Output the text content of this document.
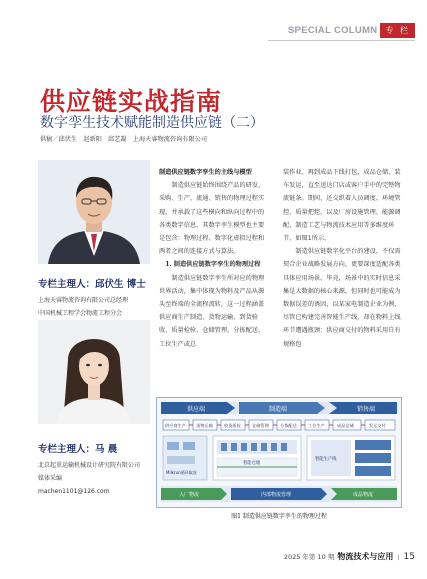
SPECIAL COLUMN	专 栏
供应链实战指南
数字孪生技术赋能制造供应链（二）
供稿／邱伏生　赵新阳　邱艺凝　上海天睿物流咨询有限公司
专栏主理人：邱伏生 博士
上海天睿物流咨询有限公司总经理
中国机械工程学会物流工程分会
专栏主理人：马 晨
北京起重运输机械设计研究院有限公司
媒体采编
machen1101@126.com

制造供应链数字孪生的主线与模型

制造供应链始终围绕产品的研发、采购、生产、流通、销售的物理过程实现，并承载了这些横向和纵向过程中的各类数字信息，其数字孪生模型也主要是包含：物理过程、数字化虚拟过程和两者之间的连接方式与算法。

1. 制造供应链数字孪生的物理过程

制造供应链数字孪生所对应的物理世界活动，集中体现为物料及产品从源头至终端的全流程流转，这一过程涵盖供应商生产制造、货物运输、到货验收、质量检验、仓储管理、分拣配送、工位生产或总

装作业、再到成品下线打包、成品仓储、装车发运，直至送达门店或客户手中的完整物流链条。期间，还交织着人员调度、环境管控、质量把控，以及厂房设施管理、能源调配、制造工艺与物流技术应用等多维度环节，如图1所示。

制造供应链数字化平台的建设，不仅需契合企业战略发展方向，更要深度适配各类具体应用场景。毕竟，场景中的实时信息采集是大数据的核心来源，但同时也可能成为数据误差的诱因，以某家电制造企业为例，尽管已构建完善智能生产线，却在物料上线环节遭遇瓶颈：供应商交付的物料采用自有规格包

供应端	制造端	销售端
供应商生产 货物运输	收货质检	仓储管理	分拣配送	工位生产	成品仓储	发运交付
Milkrun循环取货
智能仓储
智能生产线
入厂物流	内部物流管理	成品物流
图1 制造供应链数字孪生的物理过程
2025 年第 10 期 物流技术与应用 | 15
